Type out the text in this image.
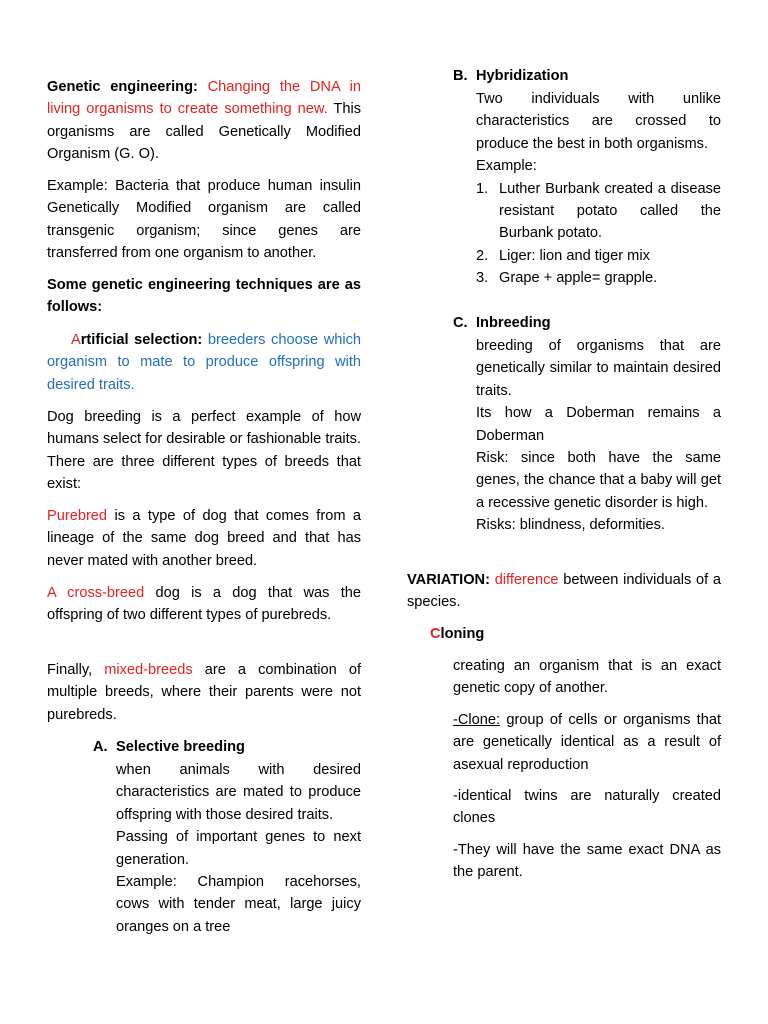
Genetic engineering: Changing the DNA in living organisms to create something new. This organisms are called Genetically Modified Organism (G. O).

Example: Bacteria that produce human insulin Genetically Modified organism are called transgenic organism; since genes are transferred from one organism to another.

Some genetic engineering techniques are as follows:

Artificial selection: breeders choose which organism to mate to produce offspring with desired traits.

Dog breeding is a perfect example of how humans select for desirable or fashionable traits. There are three different types of breeds that exist:

Purebred is a type of dog that comes from a lineage of the same dog breed and that has never mated with another breed.

A cross-breed dog is a dog that was the offspring of two different types of purebreds.

Finally, mixed-breeds are a combination of multiple breeds, where their parents were not purebreds.

A. Selective breeding

when animals with desired characteristics are mated to produce offspring with those desired traits.

Passing of important genes to next generation.

Example: Champion racehorses, cows with tender meat, large juicy oranges on a tree

B. Hybridization

Two individuals with unlike characteristics are crossed to produce the best in both organisms.

Example:

1. Luther Burbank created a disease resistant potato called the Burbank potato.
2. Liger: lion and tiger mix
3. Grape + apple= grapple.
C. Inbreeding

breeding of organisms that are genetically similar to maintain desired traits.

Its how a Doberman remains a Doberman

Risk: since both have the same genes, the chance that a baby will get a recessive genetic disorder is high.

Risks: blindness, deformities.

VARIATION: difference between individuals of a species.

Cloning

creating an organism that is an exact genetic copy of another.

-Clone: group of cells or organisms that are genetically identical as a result of asexual reproduction

-identical twins are naturally created clones

-They will have the same exact DNA as the parent.
